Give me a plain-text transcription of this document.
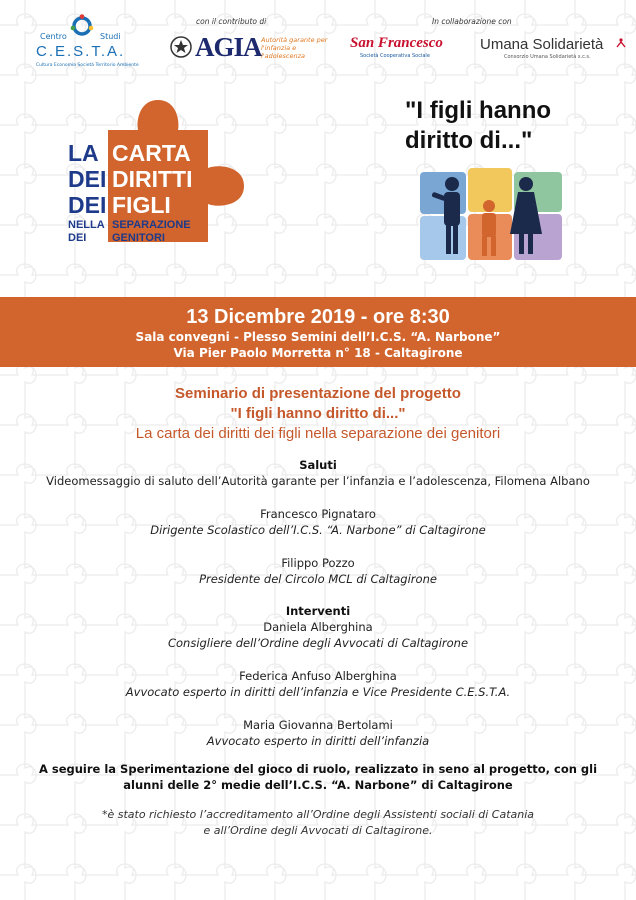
Centro	Studi
C.E.S.T.A.
Cultura Economia Società Territorio Ambiente
con il contributo di
AGIA Autorità garante per l'infanzia e l'adolescenza
In collaborazione con
San Francesco
Società Cooperativa Sociale
Umana Solidarietà
Consorzio Umana Solidarietà s.c.s.
LA
DEI
DEI
CARTA
DIRITTI
FIGLI
NELLA
DEI
SEPARAZIONE
GENITORI
"I figli hanno
diritto di..."
13 Dicembre 2019 - ore 8:30
Sala convegni - Plesso Semini dell’I.C.S. “A. Narbone”
Via Pier Paolo Morretta n° 18 - Caltagirone
Seminario di presentazione del progetto
"I figli hanno diritto di..."
La carta dei diritti dei figli nella separazione dei genitori
Saluti
Videomessaggio di saluto dell’Autorità garante per l’infanzia e l’adolescenza, Filomena Albano
Francesco Pignataro
Dirigente Scolastico dell’I.C.S. “A. Narbone” di Caltagirone
Filippo Pozzo
Presidente del Circolo MCL di Caltagirone
Interventi
Daniela Alberghina
Consigliere dell’Ordine degli Avvocati di Caltagirone
Federica Anfuso Alberghina
Avvocato esperto in diritti dell’infanzia e Vice Presidente C.E.S.T.A.
Maria Giovanna Bertolami
Avvocato esperto in diritti dell’infanzia
A seguire la Sperimentazione del gioco di ruolo, realizzato in seno al progetto, con gli alunni delle 2° medie dell’I.C.S. “A. Narbone” di Caltagirone
*è stato richiesto l’accreditamento all’Ordine degli Assistenti sociali di Catania
e all’Ordine degli Avvocati di Caltagirone.
